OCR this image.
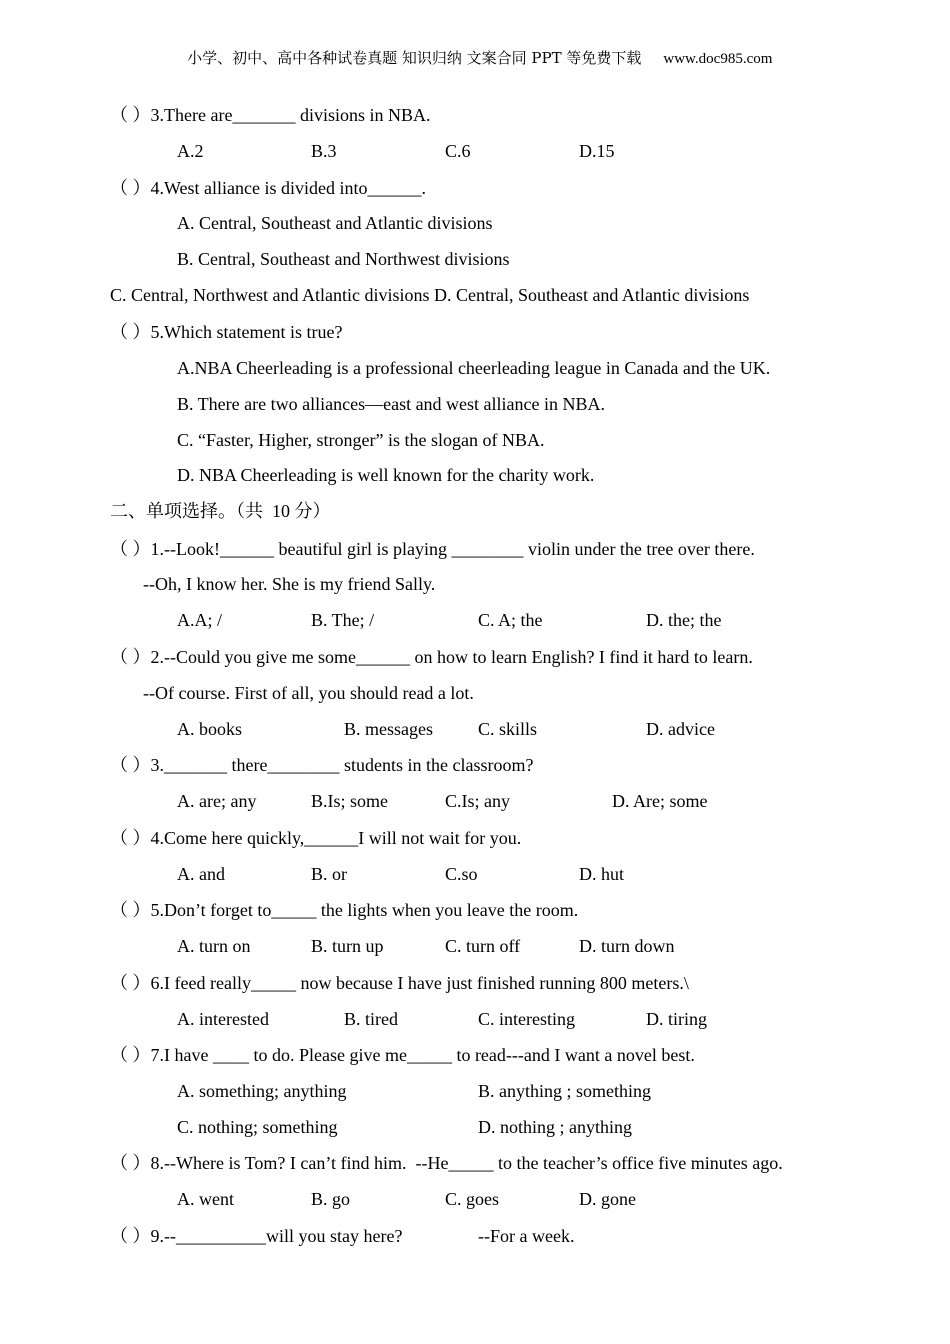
小学、初中、高中各种试卷真题 知识归纳 文案合同 PPT 等免费下载 www.doc985.com

（ ）3.There are_______ divisions in NBA.
A.2	B.3	C.6	D.15
（ ）4.West alliance is divided into______.
A. Central, Southeast and Atlantic divisions
B. Central, Southeast and Northwest divisions
C. Central, Northwest and Atlantic divisions D. Central, Southeast and Atlantic divisions
（ ）5.Which statement is true?
A.NBA Cheerleading is a professional cheerleading league in Canada and the UK.
B. There are two alliances—east and west alliance in NBA.
C. “Faster, Higher, stronger” is the slogan of NBA.
D. NBA Cheerleading is well known for the charity work.
二、单项选择。（共  10 分）
（ ）1.--Look!______ beautiful girl is playing ________ violin under the tree over there.
--Oh, I know her. She is my friend Sally.
A.A; /	B. The; /	C. A; the	D. the; the
（ ）2.--Could you give me some______ on how to learn English? I find it hard to learn.
--Of course. First of all, you should read a lot.
A. books	B. messages	C. skills	D. advice
（ ）3._______ there________ students in the classroom?
A. are; any	B.Is; some	C.Is; any	D. Are; some
（ ）4.Come here quickly,______I will not wait for you.
A. and	B. or	C.so	D. hut
（ ）5.Don’t forget to_____ the lights when you leave the room.
A. turn on	B. turn up	C. turn off	D. turn down
（ ）6.I feed really_____ now because I have just finished running 800 meters.\
A. interested	B. tired	C. interesting	D. tiring
（ ）7.I have ____ to do. Please give me_____ to read---and I want a novel best.
A. something; anything	B. anything ; something
C. nothing; something	D. nothing ; anything
（ ）8.--Where is Tom? I can’t find him.  --He_____ to the teacher’s office five minutes ago.
A. went	B. go	C. goes	D. gone
（ ）9.--__________will you stay here?	--For a week.
